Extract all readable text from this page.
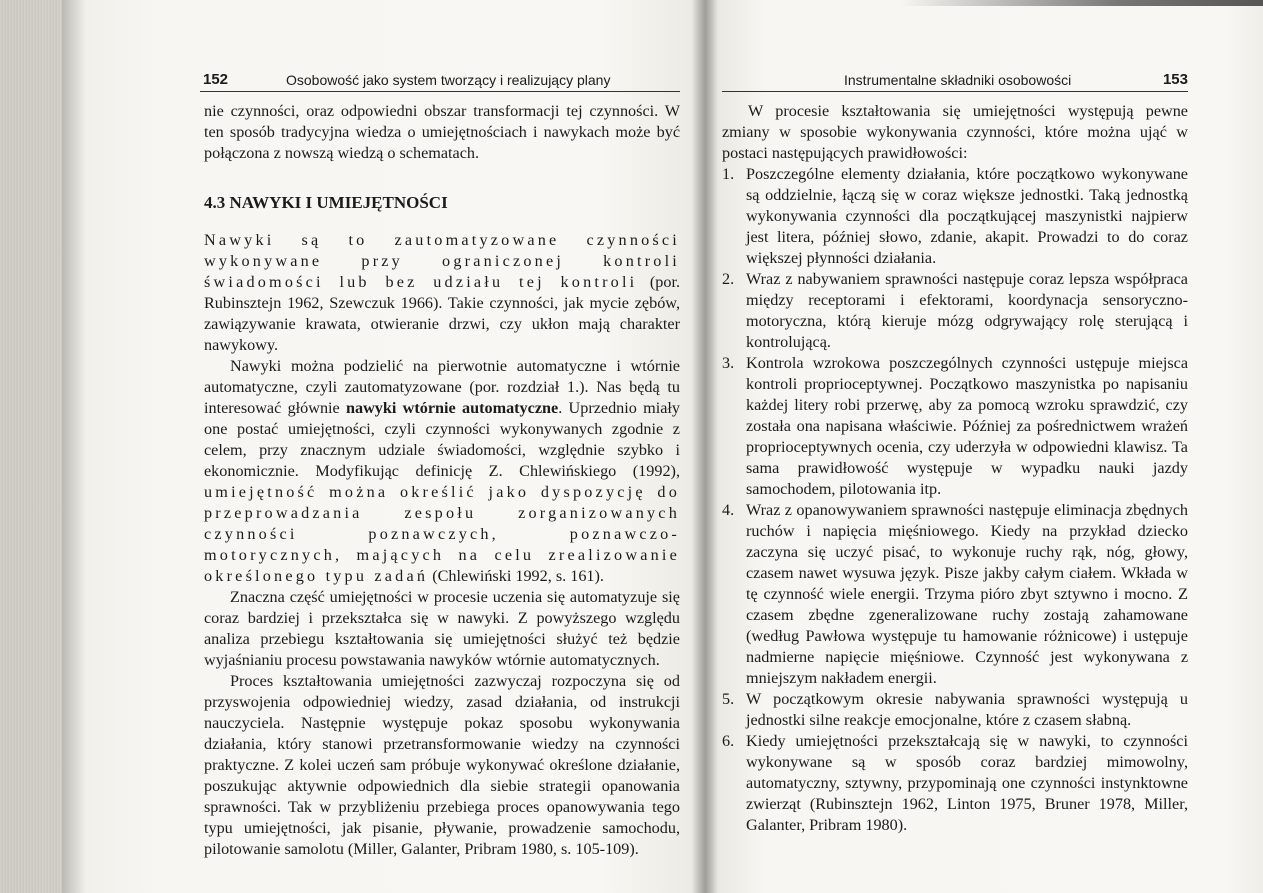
152	Osobowość jako system tworzący i realizujący plany	Instrumentalne składniki osobowości	153

nie czynności, oraz odpowiedni obszar transformacji tej czynności. W ten sposób tradycyjna wiedza o umiejętnościach i nawykach może być połączona z nowszą wiedzą o schematach.

4.3 NAWYKI I UMIEJĘTNOŚCI

Nawyki są to zautomatyzowane czynności wykonywane przy ograniczonej kontroli świadomości lub bez udziału tej kontroli (por. Rubinsztejn 1962, Szewczuk 1966). Takie czynności, jak mycie zębów, zawiązywanie krawata, otwieranie drzwi, czy ukłon mają charakter nawykowy.

Nawyki można podzielić na pierwotnie automatyczne i wtórnie automatyczne, czyli zautomatyzowane (por. rozdział 1.). Nas będą tu interesować głównie nawyki wtórnie automatyczne. Uprzednio miały one postać umiejętności, czyli czynności wykonywanych zgodnie z celem, przy znacznym udziale świadomości, względnie szybko i ekonomicznie. Modyfikując definicję Z. Chlewińskiego (1992), umiejętność można określić jako dyspozycję do przeprowadzania zespołu zorganizowanych czynności poznawczych, poznawczo-motorycznych, mających na celu zrealizowanie określonego typu zadań (Chlewiński 1992, s. 161).

Znaczna część umiejętności w procesie uczenia się automatyzuje się coraz bardziej i przekształca się w nawyki. Z powyższego względu analiza przebiegu kształtowania się umiejętności służyć też będzie wyjaśnianiu procesu powstawania nawyków wtórnie automatycznych.

Proces kształtowania umiejętności zazwyczaj rozpoczyna się od przyswojenia odpowiedniej wiedzy, zasad działania, od instrukcji nauczyciela. Następnie występuje pokaz sposobu wykonywania działania, który stanowi przetransformowanie wiedzy na czynności praktyczne. Z kolei uczeń sam próbuje wykonywać określone działanie, poszukując aktywnie odpowiednich dla siebie strategii opanowania sprawności. Tak w przybliżeniu przebiega proces opanowywania tego typu umiejętności, jak pisanie, pływanie, prowadzenie samochodu, pilotowanie samolotu (Miller, Galanter, Pribram 1980, s. 105-109).

W procesie kształtowania się umiejętności występują pewne zmiany w sposobie wykonywania czynności, które można ująć w postaci następujących prawidłowości:

1. Poszczególne elementy działania, które początkowo wykonywane są oddzielnie, łączą się w coraz większe jednostki. Taką jednostką wykonywania czynności dla początkującej maszynistki najpierw jest litera, później słowo, zdanie, akapit. Prowadzi to do coraz większej płynności działania.
2. Wraz z nabywaniem sprawności następuje coraz lepsza współpraca między receptorami i efektorami, koordynacja sensoryczno-motoryczna, którą kieruje mózg odgrywający rolę sterującą i kontrolującą.
3. Kontrola wzrokowa poszczególnych czynności ustępuje miejsca kontroli proprioceptywnej. Początkowo maszynistka po napisaniu każdej litery robi przerwę, aby za pomocą wzroku sprawdzić, czy została ona napisana właściwie. Później za pośrednictwem wrażeń proprioceptywnych ocenia, czy uderzyła w odpowiedni klawisz. Ta sama prawidłowość występuje w wypadku nauki jazdy samochodem, pilotowania itp.
4. Wraz z opanowywaniem sprawności następuje eliminacja zbędnych ruchów i napięcia mięśniowego. Kiedy na przykład dziecko zaczyna się uczyć pisać, to wykonuje ruchy rąk, nóg, głowy, czasem nawet wysuwa język. Pisze jakby całym ciałem. Wkłada w tę czynność wiele energii. Trzyma pióro zbyt sztywno i mocno. Z czasem zbędne zgeneralizowane ruchy zostają zahamowane (według Pawłowa występuje tu hamowanie różnicowe) i ustępuje nadmierne napięcie mięśniowe. Czynność jest wykonywana z mniejszym nakładem energii.
5. W początkowym okresie nabywania sprawności występują u jednostki silne reakcje emocjonalne, które z czasem słabną.
6. Kiedy umiejętności przekształcają się w nawyki, to czynności wykonywane są w sposób coraz bardziej mimowolny, automatyczny, sztywny, przypominają one czynności instynktowne zwierząt (Rubinsztejn 1962, Linton 1975, Bruner 1978, Miller, Galanter, Pribram 1980).
